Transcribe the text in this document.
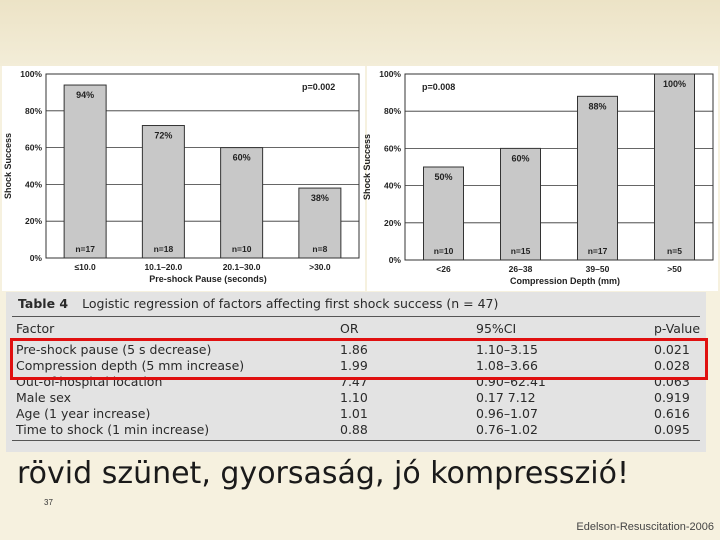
0%
20%
40%
60%
80%
100%
Shock Success
94%
n=17
≤10.0
72%
n=18
10.1–20.0
60%
n=10
20.1–30.0
38%
n=8
>30.0
p=0.002
Pre-shock Pause (seconds)
0%
20%
40%
60%
80%
100%
Shock Success	50%
n=10
<26
60%
n=15
26–38
88%
n=17
39–50
100%
n=5
>50
p=0.008
Compression Depth (mm)
Table 4 Logistic regression of factors affecting first shock success (n = 47)
Factor	OR	95%CI	p-Value
Pre-shock pause (5 s decrease)	1.86	1.10–3.15	0.021
Compression depth (5 mm increase)	1.99	1.08–3.66	0.028
Out-of-hospital location	7.47	0.90–62.41	0.063
Male sex	1.10	0.17 7.12	0.919
Age (1 year increase)	1.01	0.96–1.07	0.616
Time to shock (1 min increase)	0.88	0.76–1.02	0.095
rövid szünet, gyorsaság, jó kompresszió!
37
Edelson-Resuscitation-2006
